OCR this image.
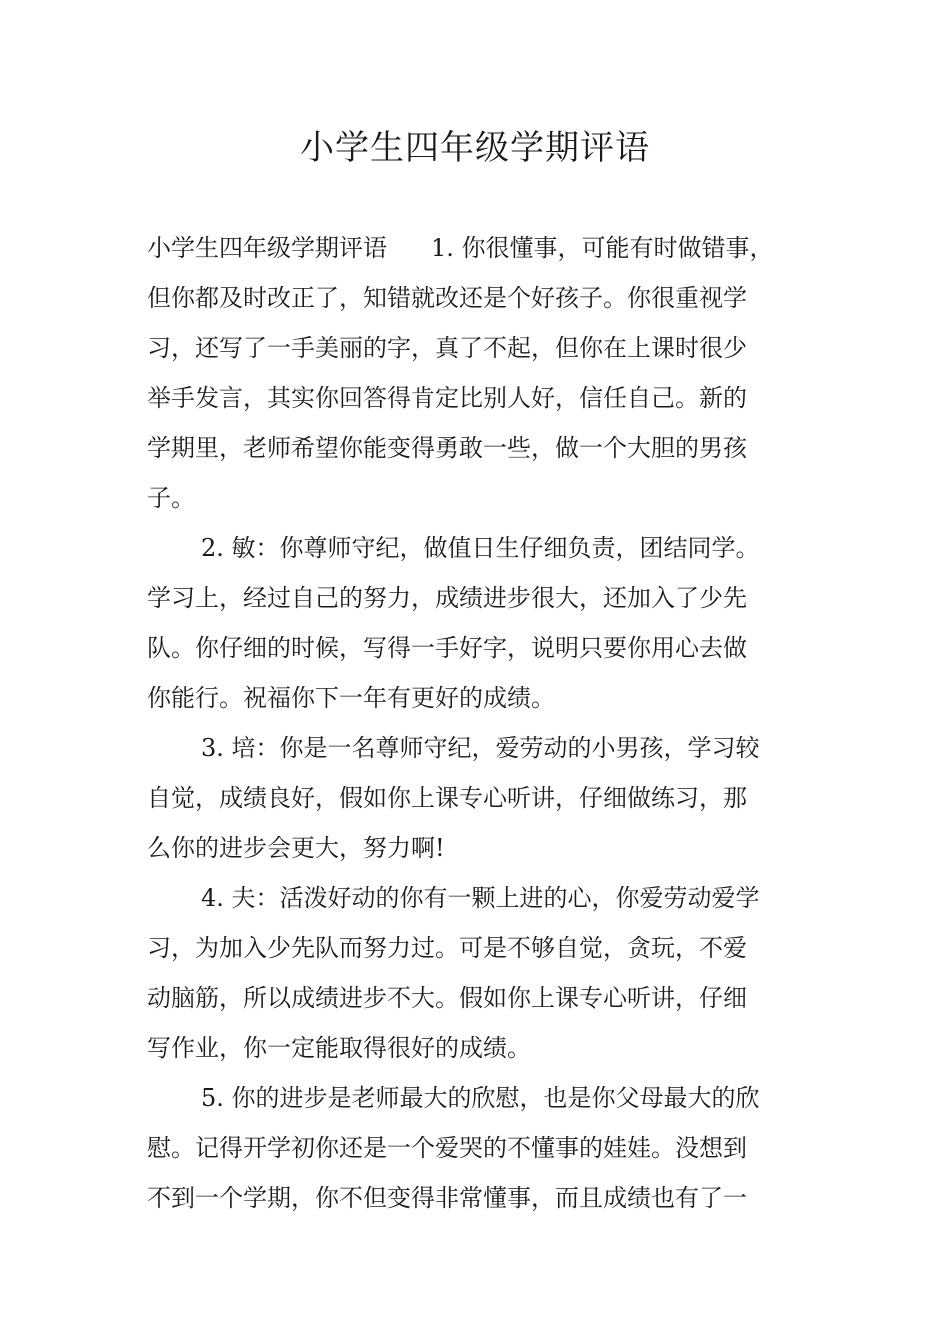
小学生四年级学期评语
小学生四年级学期评语 1. 你很懂事，可能有时做错事，
但你都及时改正了，知错就改还是个好孩子。你很重视学
习，还写了一手美丽的字，真了不起，但你在上课时很少
举手发言，其实你回答得肯定比别人好，信任自己。新的
学期里，老师希望你能变得勇敢一些，做一个大胆的男孩
子。
2. 敏：你尊师守纪，做值日生仔细负责，团结同学。
学习上，经过自己的努力，成绩进步很大，还加入了少先
队。你仔细的时候，写得一手好字，说明只要你用心去做
你能行。祝福你下一年有更好的成绩。
3. 培：你是一名尊师守纪，爱劳动的小男孩，学习较
自觉，成绩良好，假如你上课专心听讲，仔细做练习，那
么你的进步会更大，努力啊!
4. 夫：活泼好动的你有一颗上进的心，你爱劳动爱学
习，为加入少先队而努力过。可是不够自觉，贪玩，不爱
动脑筋，所以成绩进步不大。假如你上课专心听讲，仔细
写作业，你一定能取得很好的成绩。
5. 你的进步是老师最大的欣慰，也是你父母最大的欣
慰。记得开学初你还是一个爱哭的不懂事的娃娃。没想到
不到一个学期，你不但变得非常懂事，而且成绩也有了一
